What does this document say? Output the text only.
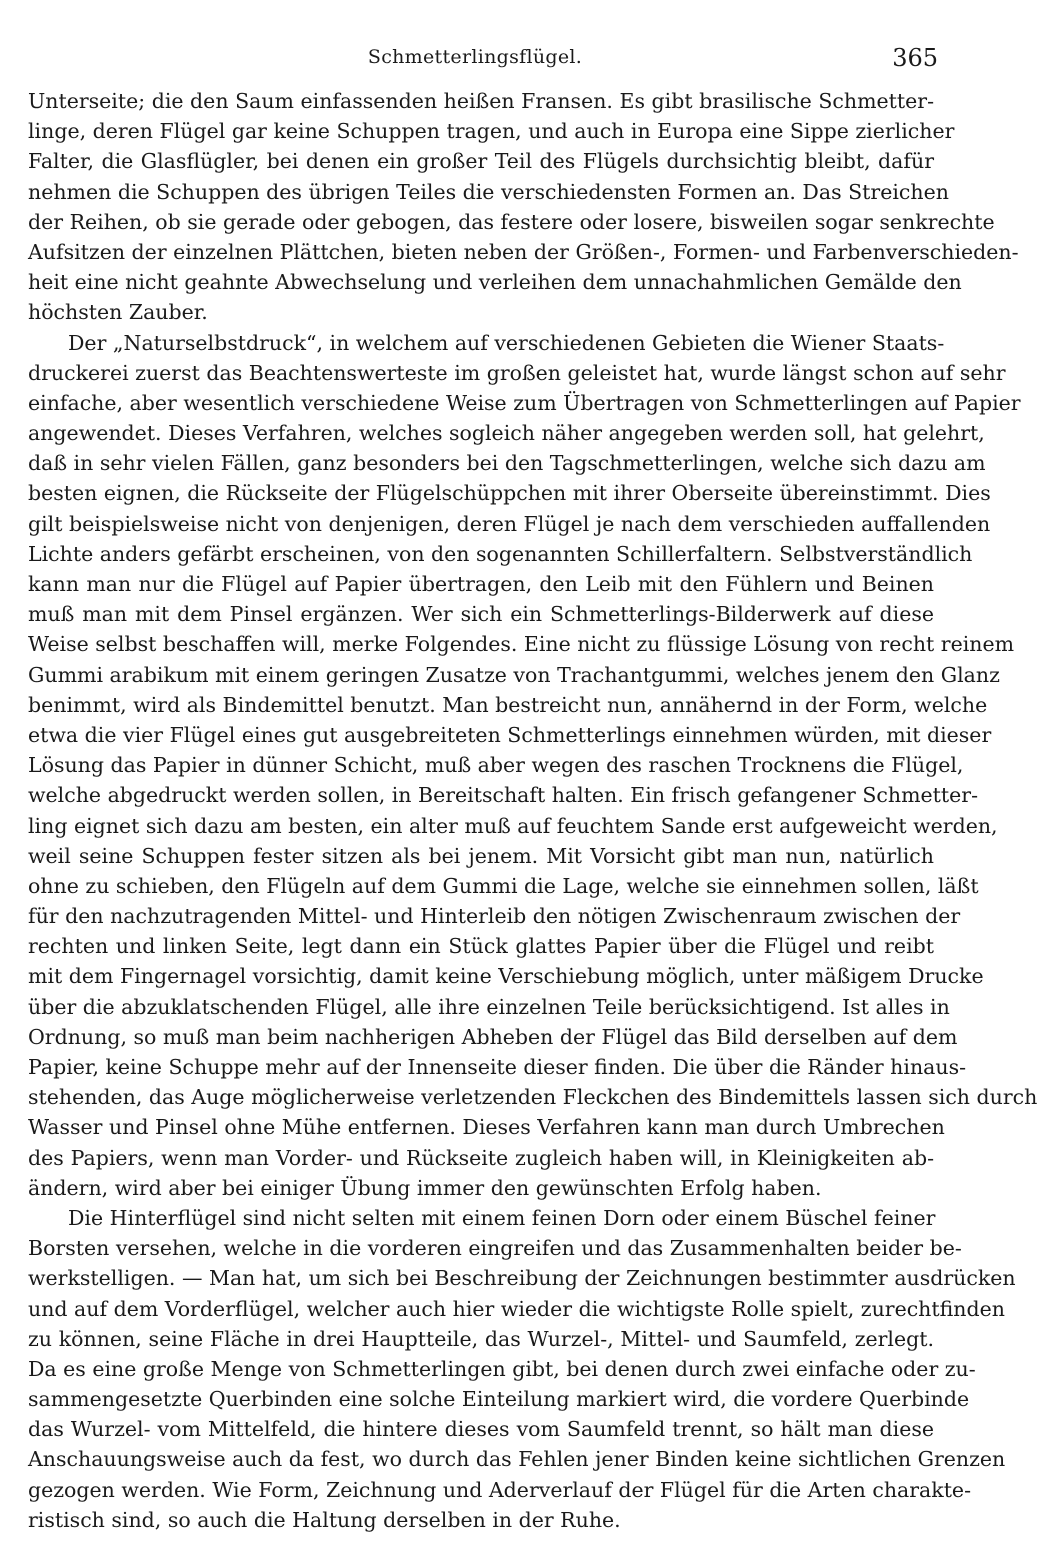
Schmetterlingsflügel.	365
Unterseite; die den Saum einfassenden heißen Fransen. Es gibt brasilische Schmetter-
linge, deren Flügel gar keine Schuppen tragen, und auch in Europa eine Sippe zierlicher
Falter, die Glasflügler, bei denen ein großer Teil des Flügels durchsichtig bleibt, dafür
nehmen die Schuppen des übrigen Teiles die verschiedensten Formen an. Das Streichen
der Reihen, ob sie gerade oder gebogen, das festere oder losere, bisweilen sogar senkrechte
Aufsitzen der einzelnen Plättchen, bieten neben der Größen-, Formen- und Farbenverschieden-
heit eine nicht geahnte Abwechselung und verleihen dem unnachahmlichen Gemälde den
höchsten Zauber.
Der „Naturselbstdruck“, in welchem auf verschiedenen Gebieten die Wiener Staats-
druckerei zuerst das Beachtenswerteste im großen geleistet hat, wurde längst schon auf sehr
einfache, aber wesentlich verschiedene Weise zum Übertragen von Schmetterlingen auf Papier
angewendet. Dieses Verfahren, welches sogleich näher angegeben werden soll, hat gelehrt,
daß in sehr vielen Fällen, ganz besonders bei den Tagschmetterlingen, welche sich dazu am
besten eignen, die Rückseite der Flügelschüppchen mit ihrer Oberseite übereinstimmt. Dies
gilt beispielsweise nicht von denjenigen, deren Flügel je nach dem verschieden auffallenden
Lichte anders gefärbt erscheinen, von den sogenannten Schillerfaltern. Selbstverständlich
kann man nur die Flügel auf Papier übertragen, den Leib mit den Fühlern und Beinen
muß man mit dem Pinsel ergänzen. Wer sich ein Schmetterlings-Bilderwerk auf diese
Weise selbst beschaffen will, merke Folgendes. Eine nicht zu flüssige Lösung von recht reinem
Gummi arabikum mit einem geringen Zusatze von Trachantgummi, welches jenem den Glanz
benimmt, wird als Bindemittel benutzt. Man bestreicht nun, annähernd in der Form, welche
etwa die vier Flügel eines gut ausgebreiteten Schmetterlings einnehmen würden, mit dieser
Lösung das Papier in dünner Schicht, muß aber wegen des raschen Trocknens die Flügel,
welche abgedruckt werden sollen, in Bereitschaft halten. Ein frisch gefangener Schmetter-
ling eignet sich dazu am besten, ein alter muß auf feuchtem Sande erst aufgeweicht werden,
weil seine Schuppen fester sitzen als bei jenem. Mit Vorsicht gibt man nun, natürlich
ohne zu schieben, den Flügeln auf dem Gummi die Lage, welche sie einnehmen sollen, läßt
für den nachzutragenden Mittel- und Hinterleib den nötigen Zwischenraum zwischen der
rechten und linken Seite, legt dann ein Stück glattes Papier über die Flügel und reibt
mit dem Fingernagel vorsichtig, damit keine Verschiebung möglich, unter mäßigem Drucke
über die abzuklatschenden Flügel, alle ihre einzelnen Teile berücksichtigend. Ist alles in
Ordnung, so muß man beim nachherigen Abheben der Flügel das Bild derselben auf dem
Papier, keine Schuppe mehr auf der Innenseite dieser finden. Die über die Ränder hinaus-
stehenden, das Auge möglicherweise verletzenden Fleckchen des Bindemittels lassen sich durch
Wasser und Pinsel ohne Mühe entfernen. Dieses Verfahren kann man durch Umbrechen
des Papiers, wenn man Vorder- und Rückseite zugleich haben will, in Kleinigkeiten ab-
ändern, wird aber bei einiger Übung immer den gewünschten Erfolg haben.
Die Hinterflügel sind nicht selten mit einem feinen Dorn oder einem Büschel feiner
Borsten versehen, welche in die vorderen eingreifen und das Zusammenhalten beider be-
werkstelligen. — Man hat, um sich bei Beschreibung der Zeichnungen bestimmter ausdrücken
und auf dem Vorderflügel, welcher auch hier wieder die wichtigste Rolle spielt, zurechtfinden
zu können, seine Fläche in drei Hauptteile, das Wurzel-, Mittel- und Saumfeld, zerlegt.
Da es eine große Menge von Schmetterlingen gibt, bei denen durch zwei einfache oder zu-
sammengesetzte Querbinden eine solche Einteilung markiert wird, die vordere Querbinde
das Wurzel- vom Mittelfeld, die hintere dieses vom Saumfeld trennt, so hält man diese
Anschauungsweise auch da fest, wo durch das Fehlen jener Binden keine sichtlichen Grenzen
gezogen werden. Wie Form, Zeichnung und Aderverlauf der Flügel für die Arten charakte-
ristisch sind, so auch die Haltung derselben in der Ruhe.
